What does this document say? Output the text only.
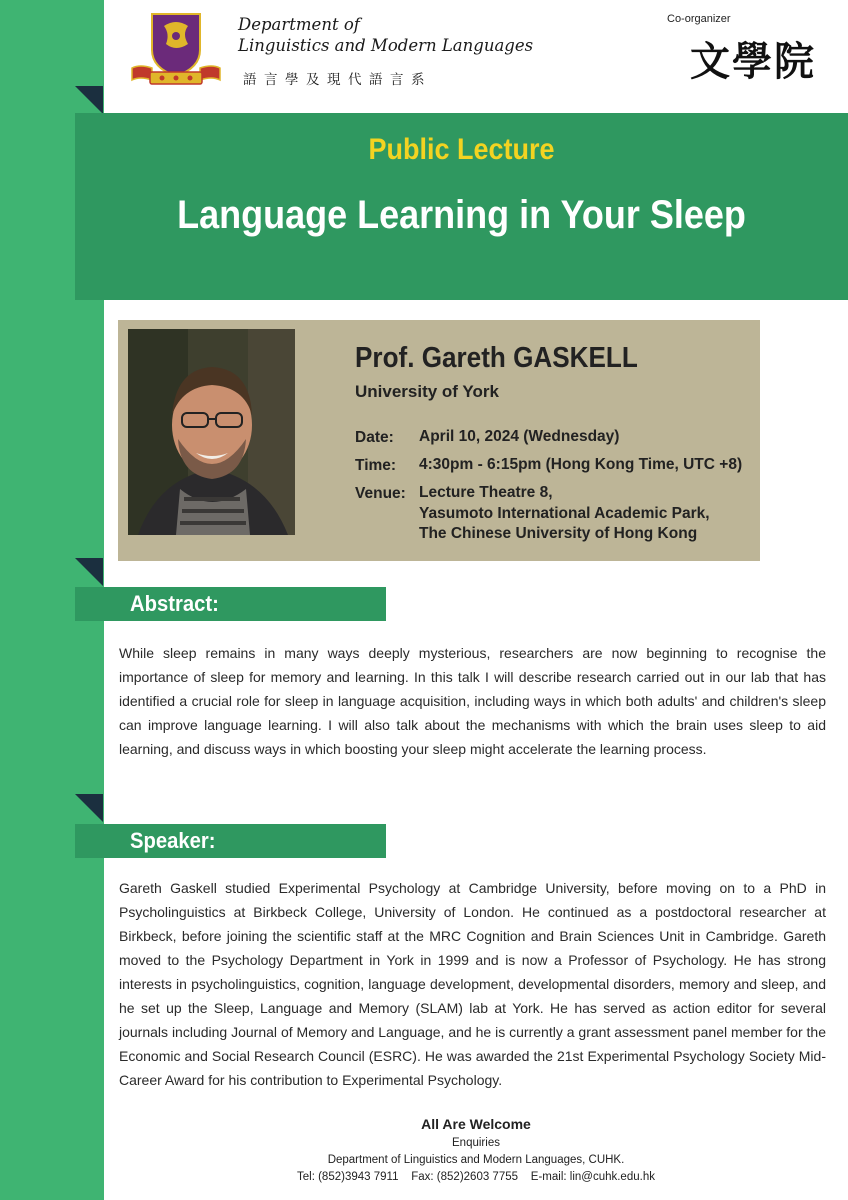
Department of
Linguistics and Modern Languages
語言學及現代語言系
Co-organizer
文學院
Public Lecture
Language Learning in Your Sleep
Prof. Gareth GASKELL
University of York
Date: April 10, 2024 (Wednesday)
Time: 4:30pm - 6:15pm (Hong Kong Time, UTC +8)
Venue: Lecture Theatre 8,
Yasumoto International Academic Park,
The Chinese University of Hong Kong
Abstract:

While sleep remains in many ways deeply mysterious, researchers are now beginning to recognise the importance of sleep for memory and learning. In this talk I will describe research carried out in our lab that has identified a crucial role for sleep in language acquisition, including ways in which both adults' and children's sleep can improve language learning. I will also talk about the mechanisms with which the brain uses sleep to aid learning, and discuss ways in which boosting your sleep might accelerate the learning process.

Speaker:

Gareth Gaskell studied Experimental Psychology at Cambridge University, before moving on to a PhD in Psycholinguistics at Birkbeck College, University of London. He continued as a postdoctoral researcher at Birkbeck, before joining the scientific staff at the MRC Cognition and Brain Sciences Unit in Cambridge. Gareth moved to the Psychology Department in York in 1999 and is now a Professor of Psychology. He has strong interests in psycholinguistics, cognition, language development, developmental disorders, memory and sleep, and he set up the Sleep, Language and Memory (SLAM) lab at York. He has served as action editor for several journals including Journal of Memory and Language, and he is currently a grant assessment panel member for the Economic and Social Research Council (ESRC). He was awarded the 21st Experimental Psychology Society Mid-Career Award for his contribution to Experimental Psychology.

All Are Welcome
Enquiries
Department of Linguistics and Modern Languages, CUHK.
Tel: (852)3943 7911    Fax: (852)2603 7755    E-mail: lin@cuhk.edu.hk
